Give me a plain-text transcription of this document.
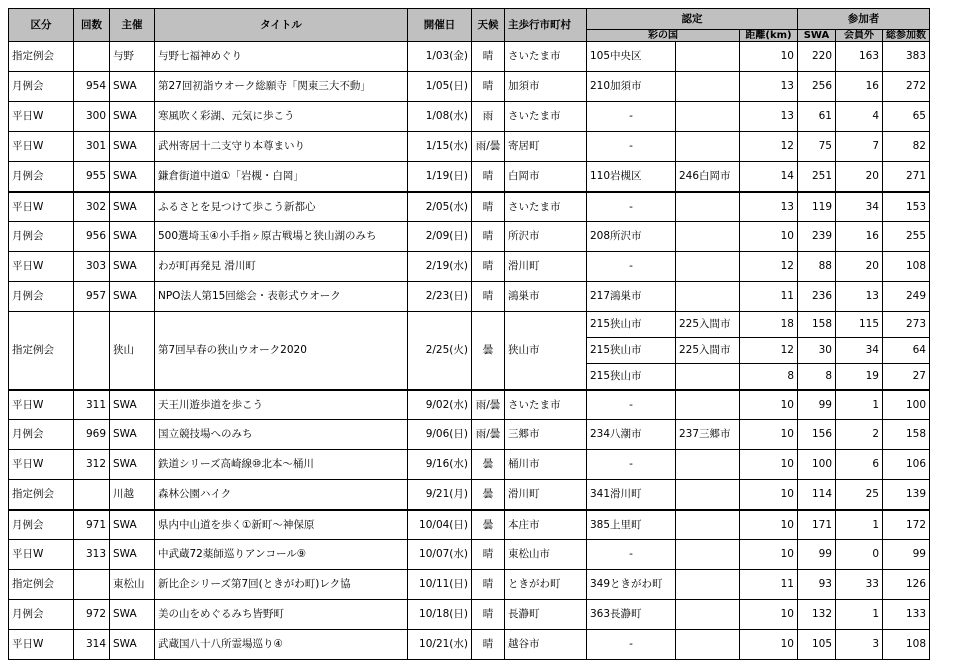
区分	回数	主催	タイトル	開催日	天候	主歩行市町村	認定			参加者		
							彩の国		距離(km)	SWA	会員外	総参加数
指定例会		与野	与野七福神めぐり	1/03(金)	晴	さいたま市	105中央区		10	220	163	383
月例会	954	SWA	第27回初詣ウオーク総願寺「関東三大不動」	1/05(日)	晴	加須市	210加須市		13	256	16	272
平日W	300	SWA	寒風吹く彩湖、元気に歩こう	1/08(水)	雨	さいたま市	-		13	61	4	65
平日W	301	SWA	武州寄居十二支守り本尊まいり	1/15(水)	雨/曇	寄居町	-		12	75	7	82
月例会	955	SWA	鎌倉街道中道①「岩槻・白岡」	1/19(日)	晴	白岡市	110岩槻区	246白岡市	14	251	20	271
平日W	302	SWA	ふるさとを見つけて歩こう新都心	2/05(水)	晴	さいたま市	-		13	119	34	153
月例会	956	SWA	500選埼玉④小手指ヶ原古戦場と狭山湖のみち	2/09(日)	晴	所沢市	208所沢市		10	239	16	255
平日W	303	SWA	わが町再発見 滑川町	2/19(水)	晴	滑川町	-		12	88	20	108
月例会	957	SWA	NPO法人第15回総会・表彰式ウオーク	2/23(日)	晴	鴻巣市	217鴻巣市		11	236	13	249
指定例会		狭山	第7回早春の狭山ウオーク2020	2/25(火)	曇	狭山市	215狭山市	225入間市	18	158	115	273
							215狭山市	225入間市	12	30	34	64
							215狭山市		8	8	19	27
平日W	311	SWA	天王川遊歩道を歩こう	9/02(水)	雨/曇	さいたま市	-		10	99	1	100
月例会	969	SWA	国立競技場へのみち	9/06(日)	雨/曇	三郷市	234八潮市	237三郷市	10	156	2	158
平日W	312	SWA	鉄道シリーズ高崎線⑩北本～桶川	9/16(水)	曇	桶川市	-		10	100	6	106
指定例会		川越	森林公園ハイク	9/21(月)	曇	滑川町	341滑川町		10	114	25	139
月例会	971	SWA	県内中山道を歩く①新町～神保原	10/04(日)	曇	本庄市	385上里町		10	171	1	172
平日W	313	SWA	中武蔵72薬師巡りアンコール⑨	10/07(水)	晴	東松山市	-		10	99	0	99
指定例会		東松山	新比企シリーズ第7回(ときがわ町)レク協	10/11(日)	晴	ときがわ町	349ときがわ町		11	93	33	126
月例会	972	SWA	美の山をめぐるみち皆野町	10/18(日)	晴	長瀞町	363長瀞町		10	132	1	133
平日W	314	SWA	武蔵国八十八所霊場巡り④	10/21(水)	晴	越谷市	-		10	105	3	108
